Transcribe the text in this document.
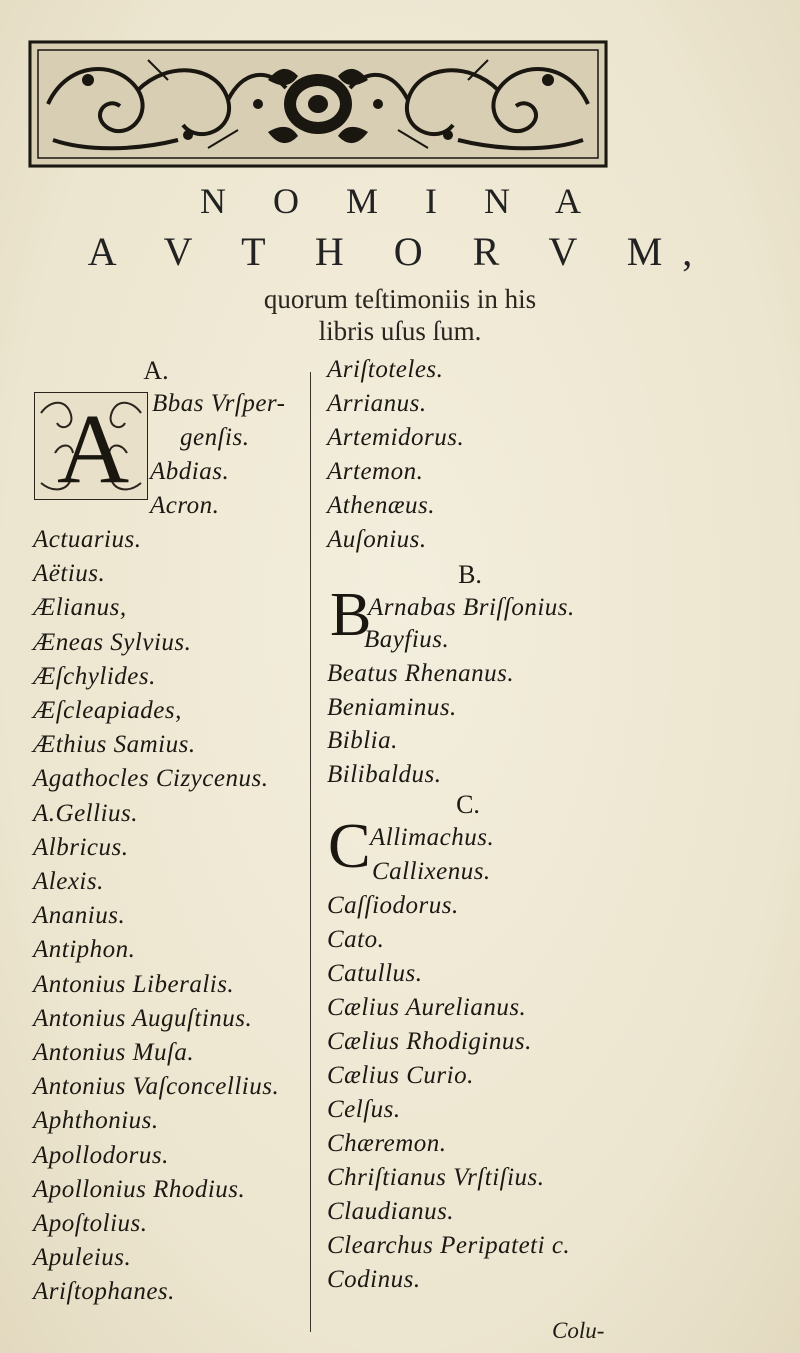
N O M I N A
A V T H O R V M,
quorum teſtimoniis in his
libris uſus ſum.
A.
A Bbas Vrſper-
genſis.
Abdias.
Acron.
Actuarius.
Aëtius.
Ælianus,
Æneas Sylvius.
Æſchylides.
Æſcleapiades,
Æthius Samius.
Agathocles Cizycenus.
A.Gellius.
Albricus.
Alexis.
Ananius.
Antiphon.
Antonius Liberalis.
Antonius Auguſtinus.
Antonius Muſa.
Antonius Vaſconcellius.
Aphthonius.
Apollodorus.
Apollonius Rhodius.
Apoſtolius.
Apuleius.
Ariſtophanes.
Ariſtoteles.
Arrianus.
Artemidorus.
Artemon.
Athenæus.
Auſonius.
B.
B
Arnabas Briſſonius.
Bayfius.
Beatus Rhenanus.
Beniaminus.
Biblia.
Bilibaldus.
C.
C Allimachus.
Callixenus.
Caſſiodorus.
Cato.
Catullus.
Cælius Aurelianus.
Cælius Rhodiginus.
Cælius Curio.
Celſus.
Chæremon.
Chriſtianus Vrſtiſius.
Claudianus.
Clearchus Peripateti c.
Codinus.
Colu-
